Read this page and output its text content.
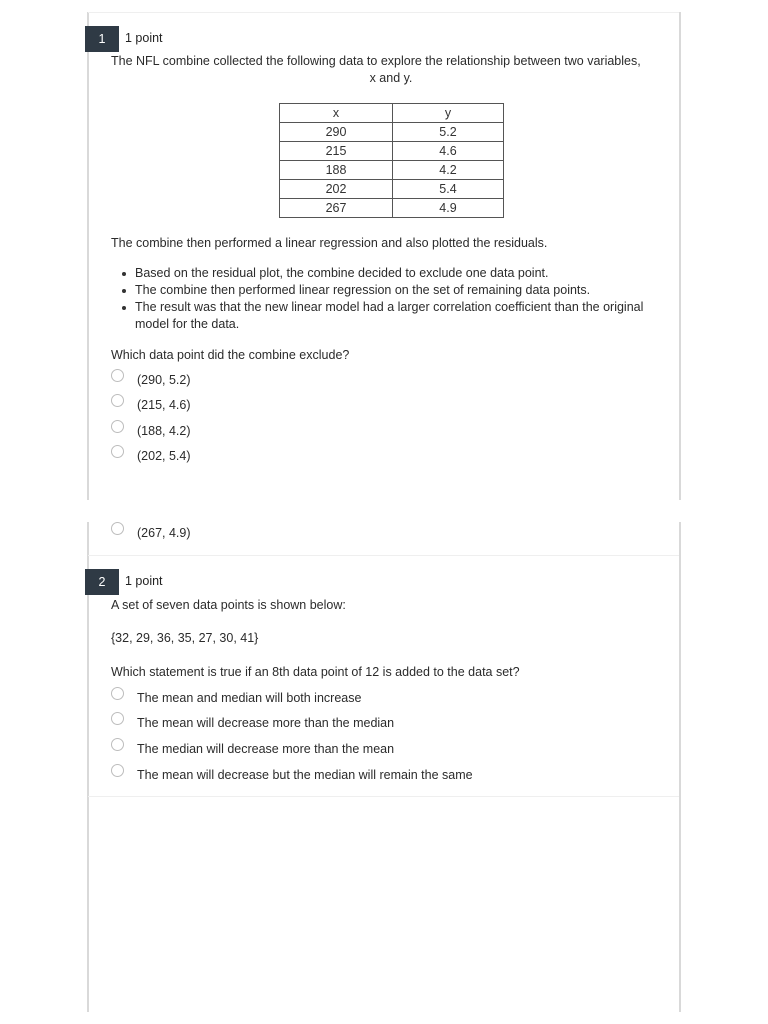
1	1 point
The NFL combine collected the following data to explore the relationship between two variables,
x and y.
x	y
290	5.2
215	4.6
188	4.2
202	5.4
267	4.9
The combine then performed a linear regression and also plotted the residuals.
Based on the residual plot, the combine decided to exclude one data point.
The combine then performed linear regression on the set of remaining data points.
The result was that the new linear model had a larger correlation coefficient than the original model for the data.
Which data point did the combine exclude?
(290, 5.2)
(215, 4.6)
(188, 4.2)
(202, 5.4)
(267, 4.9)
2	1 point
A set of seven data points is shown below:
{32, 29, 36, 35, 27, 30, 41}
Which statement is true if an 8th data point of 12 is added to the data set?
The mean and median will both increase
The mean will decrease more than the median
The median will decrease more than the mean
The mean will decrease but the median will remain the same
